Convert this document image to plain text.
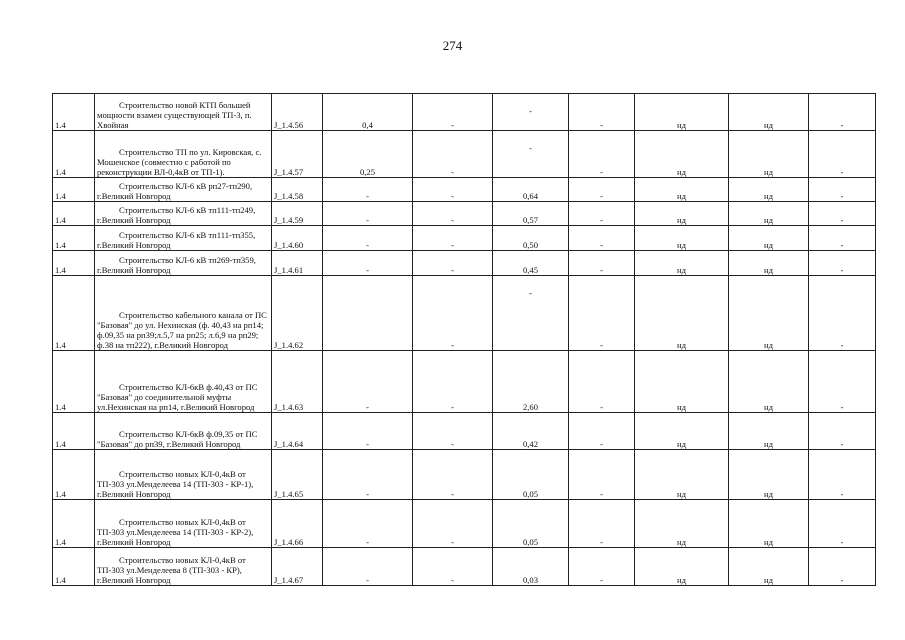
274
1.4	Строительство новой КТП большей мощности взамен существующей ТП-3, п. Хвойная	J_1.4.56	0,4	-	-	-	нд	нд	-
1.4	Строительство ТП по ул. Кировская, с. Мошенское (совместно с работой по реконструкции ВЛ-0,4кВ от ТП-1).	J_1.4.57	0,25	-	-	-	нд	нд	-
1.4	Строительство КЛ-6 кВ рп27-тп290, г.Великий Новгород	J_1.4.58	-	-	0,64	-	нд	нд	-
1.4	Строительство КЛ-6 кВ тп111-тп249, г.Великий Новгород	J_1.4.59	-	-	0,57	-	нд	нд	-
1.4	Строительство КЛ-6 кВ тп111-тп355, г.Великий Новгород	J_1.4.60	-	-	0,50	-	нд	нд	-
1.4	Строительство КЛ-6 кВ тп269-тп359, г.Великий Новгород	J_1.4.61	-	-	0,45	-	нд	нд	-
1.4	Строительство кабельного канала от ПС "Базовая" до ул. Нехинская (ф. 40,43 на рп14; ф.09,35 на рп39;л.5,7 на рп25; л.6,9 на рп29; ф.38 на тп222), г.Великий Новгород	J_1.4.62		-	-	-	нд	нд	-
1.4	Строительство КЛ-6кВ ф.40,43 от ПС "Базовая" до соединительной муфты ул.Нехинская на рп14, г.Великий Новгород	J_1.4.63	-	-	2,60	-	нд	нд	-
1.4	Строительство КЛ-6кВ ф.09,35 от ПС "Базовая" до рп39, г.Великий Новгород	J_1.4.64	-	-	0,42	-	нд	нд	-
1.4	Строительство новых КЛ-0,4кВ от ТП-303 ул.Менделеева 14 (ТП-303 - КР-1), г.Великий Новгород	J_1.4.65	-	-	0,05	-	нд	нд	-
1.4	Строительство новых КЛ-0,4кВ от ТП-303 ул.Менделеева 14 (ТП-303 - КР-2), г.Великий Новгород	J_1.4.66	-	-	0,05	-	нд	нд	-
1.4	Строительство новых КЛ-0,4кВ от ТП-303 ул.Менделеева 8 (ТП-303 - КР), г.Великий Новгород	J_1.4.67	-	-	0,03	-	нд	нд	-
